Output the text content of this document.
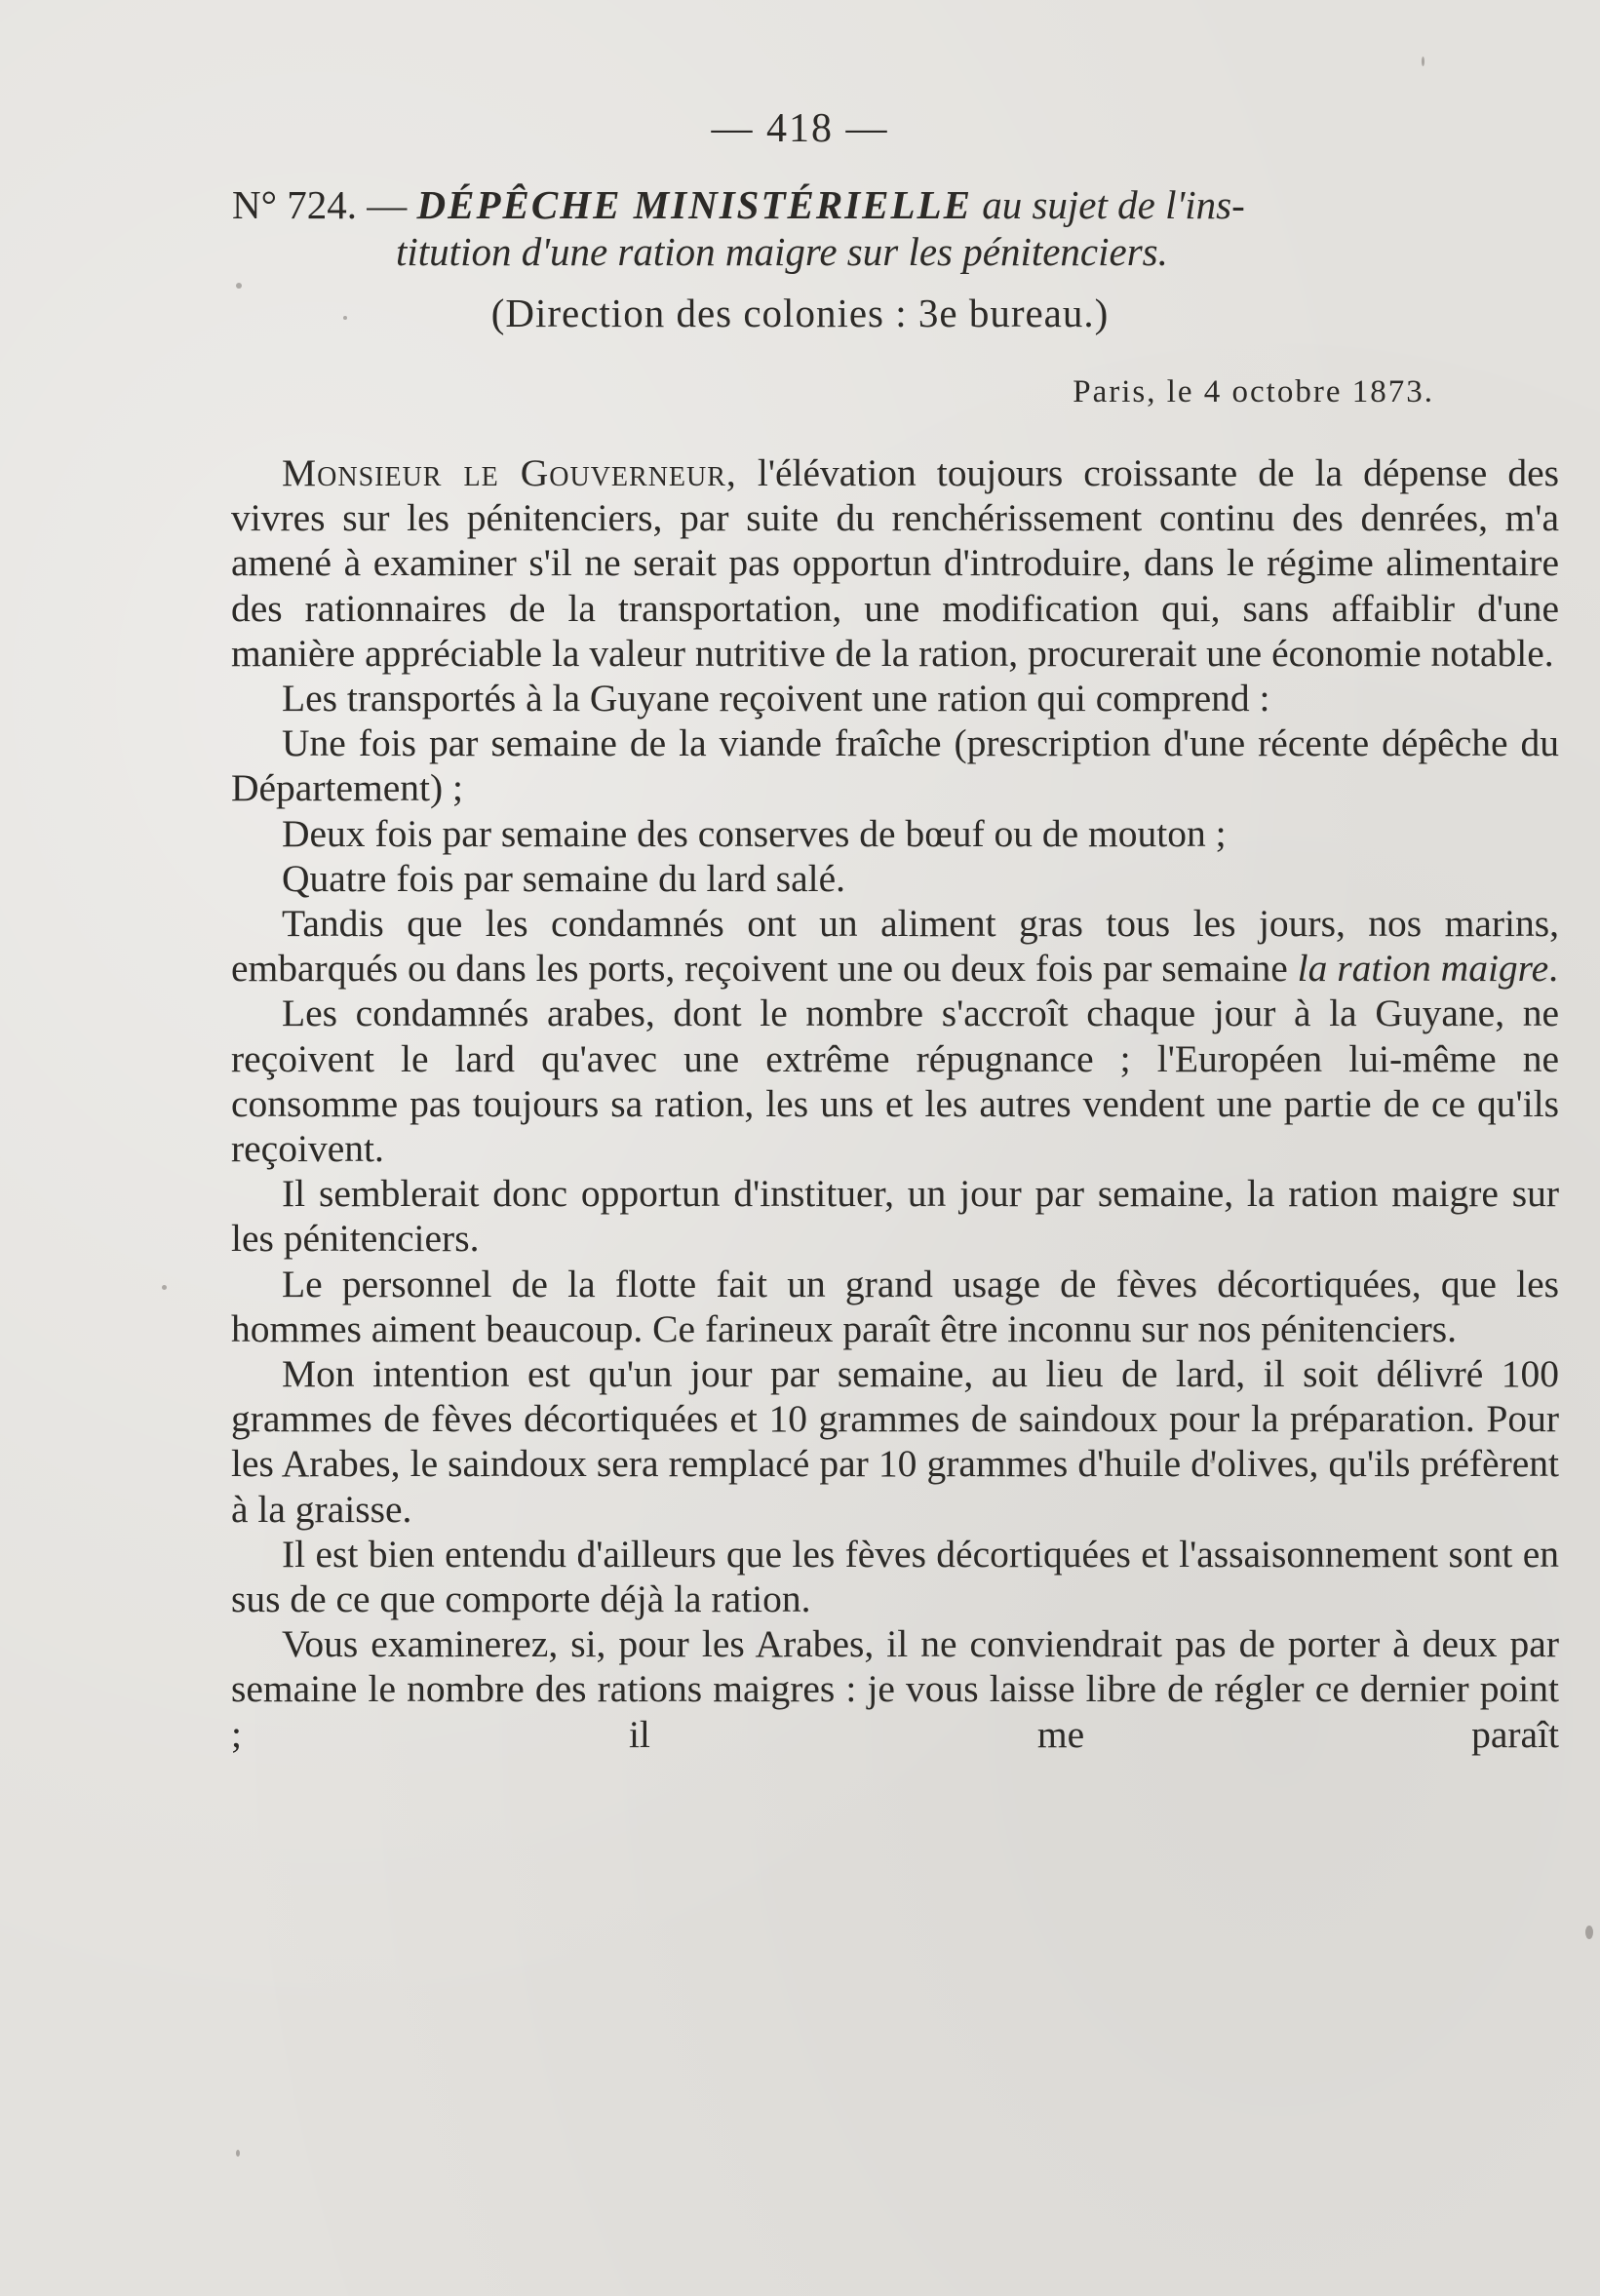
— 418 —
N° 724. — DÉPÊCHE MINISTÉRIELLE au sujet de l'ins-
titution d'une ration maigre sur les pénitenciers.
(Direction des colonies : 3e bureau.)
Paris, le 4 octobre 1873.

Monsieur le Gouverneur, l'élévation toujours croissante de la dépense des vivres sur les pénitenciers, par suite du renchérissement continu des denrées, m'a amené à examiner s'il ne serait pas opportun d'introduire, dans le régime alimentaire des rationnaires de la transportation, une modification qui, sans affaiblir d'une manière appréciable la valeur nutritive de la ration, procurerait une économie notable.

Les transportés à la Guyane reçoivent une ration qui comprend :

Une fois par semaine de la viande fraîche (prescription d'une récente dépêche du Département) ;

Deux fois par semaine des conserves de bœuf ou de mouton ;

Quatre fois par semaine du lard salé.

Tandis que les condamnés ont un aliment gras tous les jours, nos marins, embarqués ou dans les ports, reçoivent une ou deux fois par semaine la ration maigre.

Les condamnés arabes, dont le nombre s'accroît chaque jour à la Guyane, ne reçoivent le lard qu'avec une extrême répugnance ; l'Européen lui-même ne consomme pas toujours sa ration, les uns et les autres vendent une partie de ce qu'ils reçoivent.

Il semblerait donc opportun d'instituer, un jour par semaine, la ration maigre sur les pénitenciers.

Le personnel de la flotte fait un grand usage de fèves décortiquées, que les hommes aiment beaucoup. Ce farineux paraît être inconnu sur nos pénitenciers.

Mon intention est qu'un jour par semaine, au lieu de lard, il soit délivré 100 grammes de fèves décortiquées et 10 grammes de saindoux pour la préparation. Pour les Arabes, le saindoux sera remplacé par 10 grammes d'huile d'olives, qu'ils préfèrent à la graisse.

Il est bien entendu d'ailleurs que les fèves décortiquées et l'assaisonnement sont en sus de ce que comporte déjà la ration.

Vous examinerez, si, pour les Arabes, il ne conviendrait pas de porter à deux par semaine le nombre des rations maigres : je vous laisse libre de régler ce dernier point ; il me paraît
